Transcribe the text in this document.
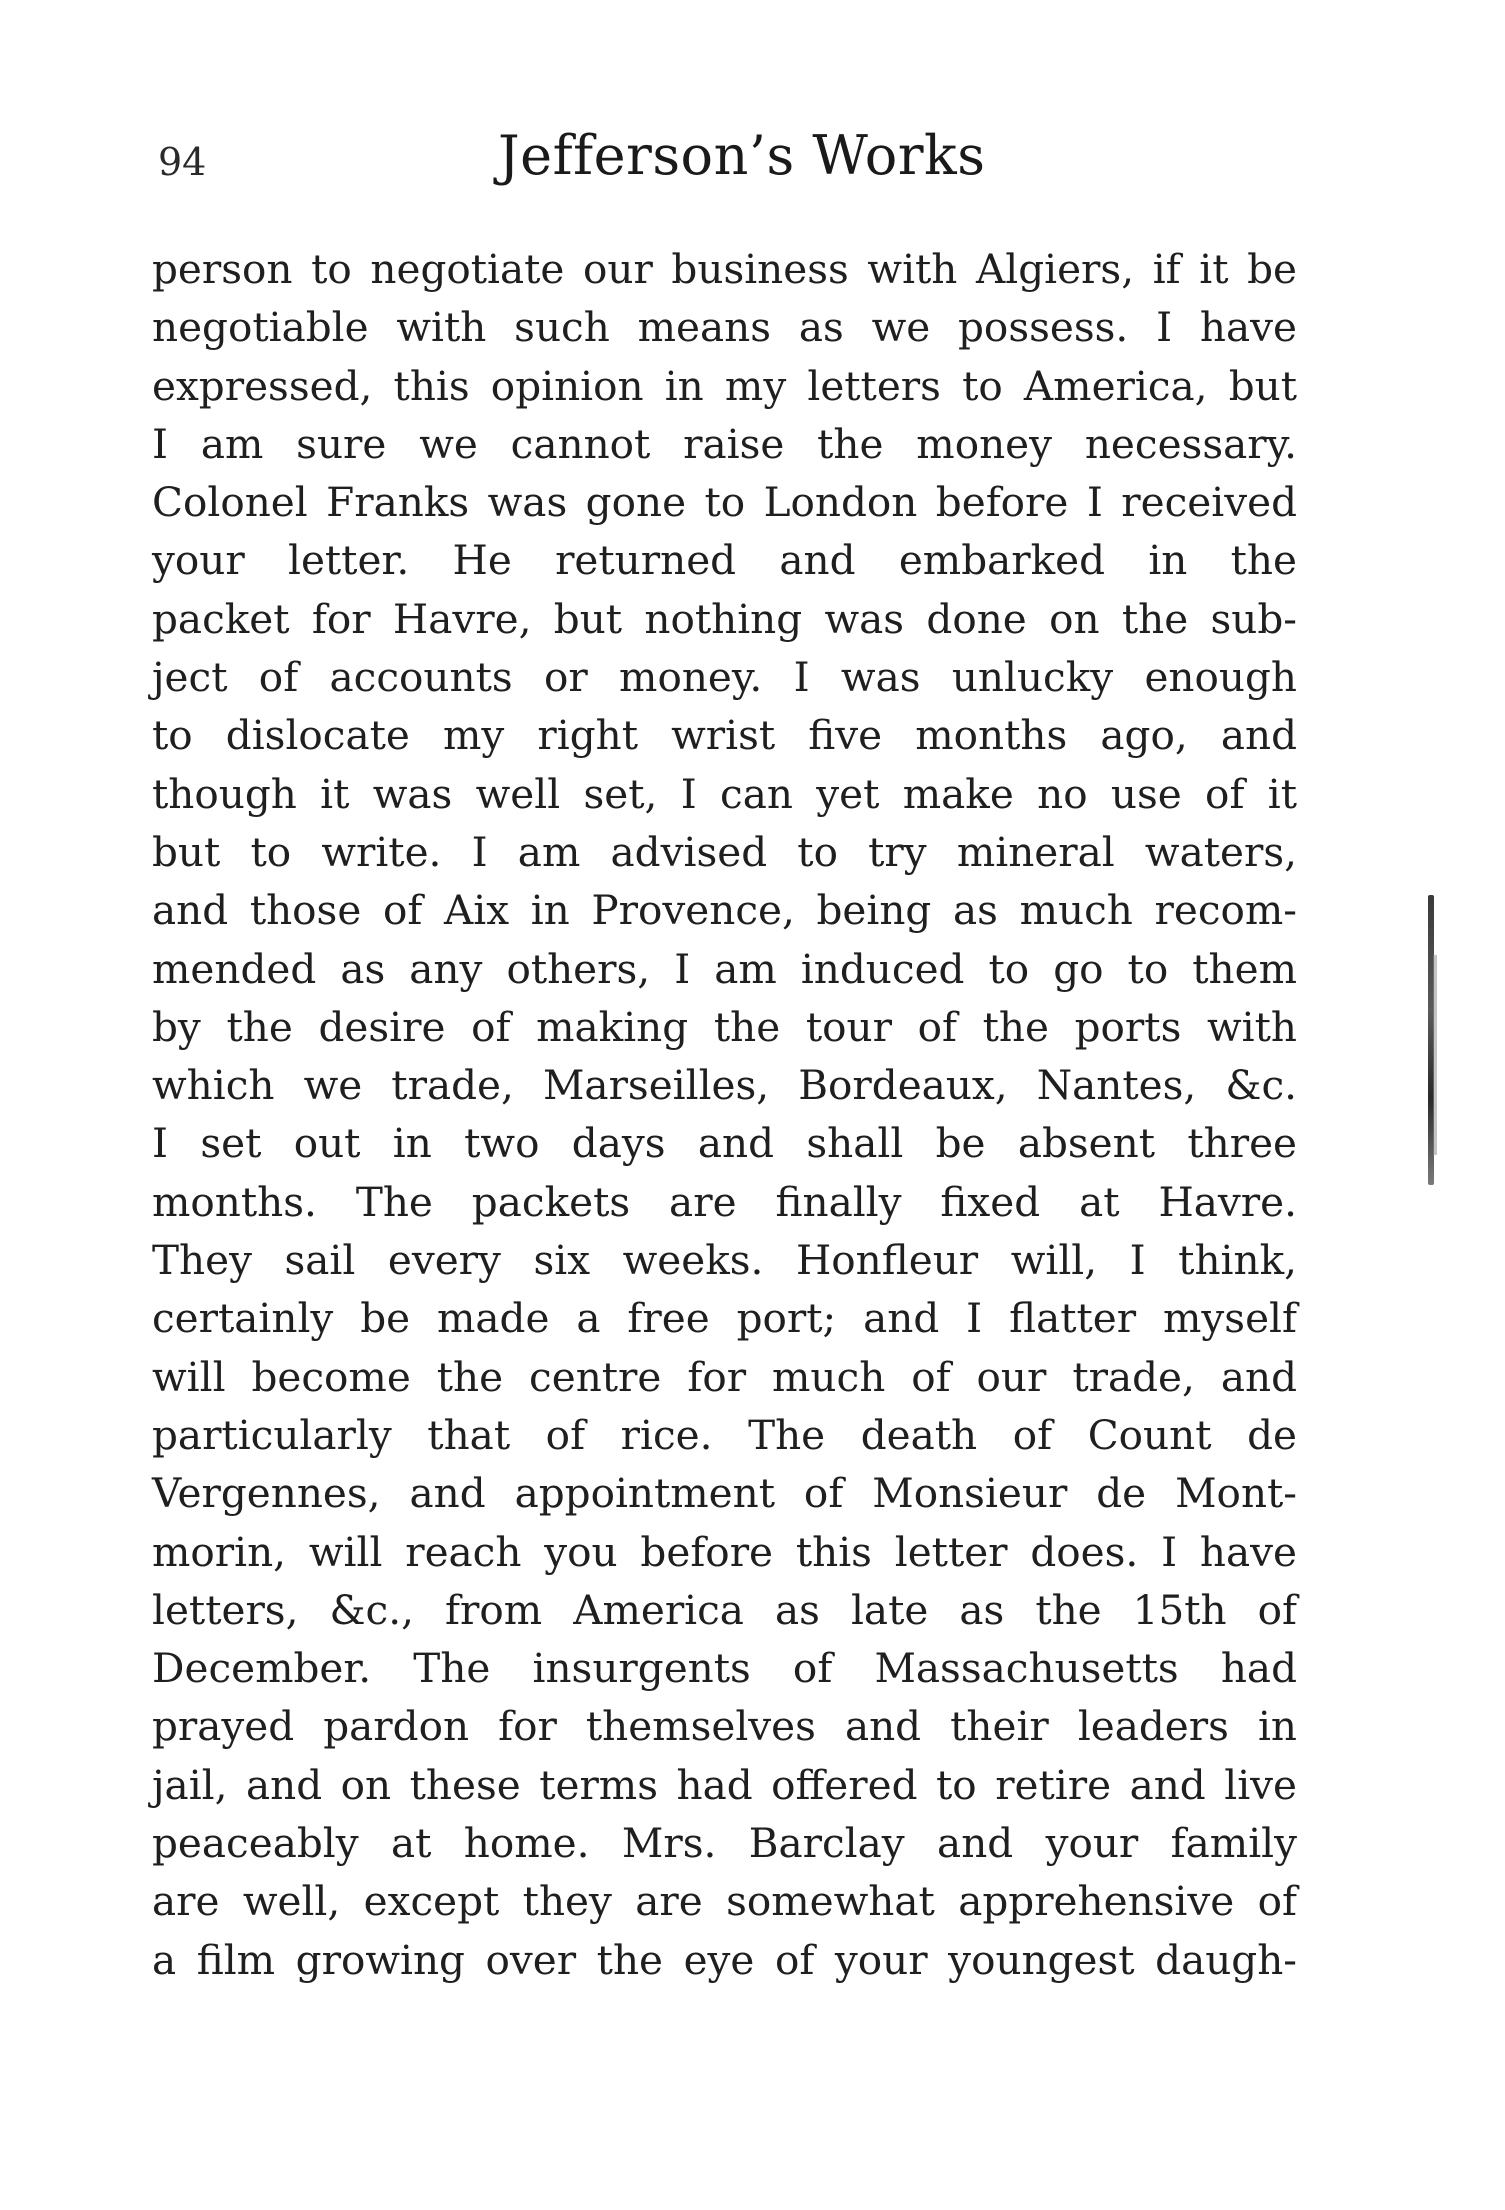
94	Jefferson’s Works
person to negotiate our business with Algiers, if it be
negotiable with such means as we possess. I have
expressed, this opinion in my letters to America, but
I am sure we cannot raise the money necessary.
Colonel Franks was gone to London before I received
your letter. He returned and embarked in the
packet for Havre, but nothing was done on the sub-
ject of accounts or money. I was unlucky enough
to dislocate my right wrist five months ago, and
though it was well set, I can yet make no use of it
but to write. I am advised to try mineral waters,
and those of Aix in Provence, being as much recom-
mended as any others, I am induced to go to them
by the desire of making the tour of the ports with
which we trade, Marseilles, Bordeaux, Nantes, &c.
I set out in two days and shall be absent three
months. The packets are finally fixed at Havre.
They sail every six weeks. Honfleur will, I think,
certainly be made a free port; and I flatter myself
will become the centre for much of our trade, and
particularly that of rice. The death of Count de
Vergennes, and appointment of Monsieur de Mont-
morin, will reach you before this letter does. I have
letters, &c., from America as late as the 15th of
December. The insurgents of Massachusetts had
prayed pardon for themselves and their leaders in
jail, and on these terms had offered to retire and live
peaceably at home. Mrs. Barclay and your family
are well, except they are somewhat apprehensive of
a film growing over the eye of your youngest daugh-
